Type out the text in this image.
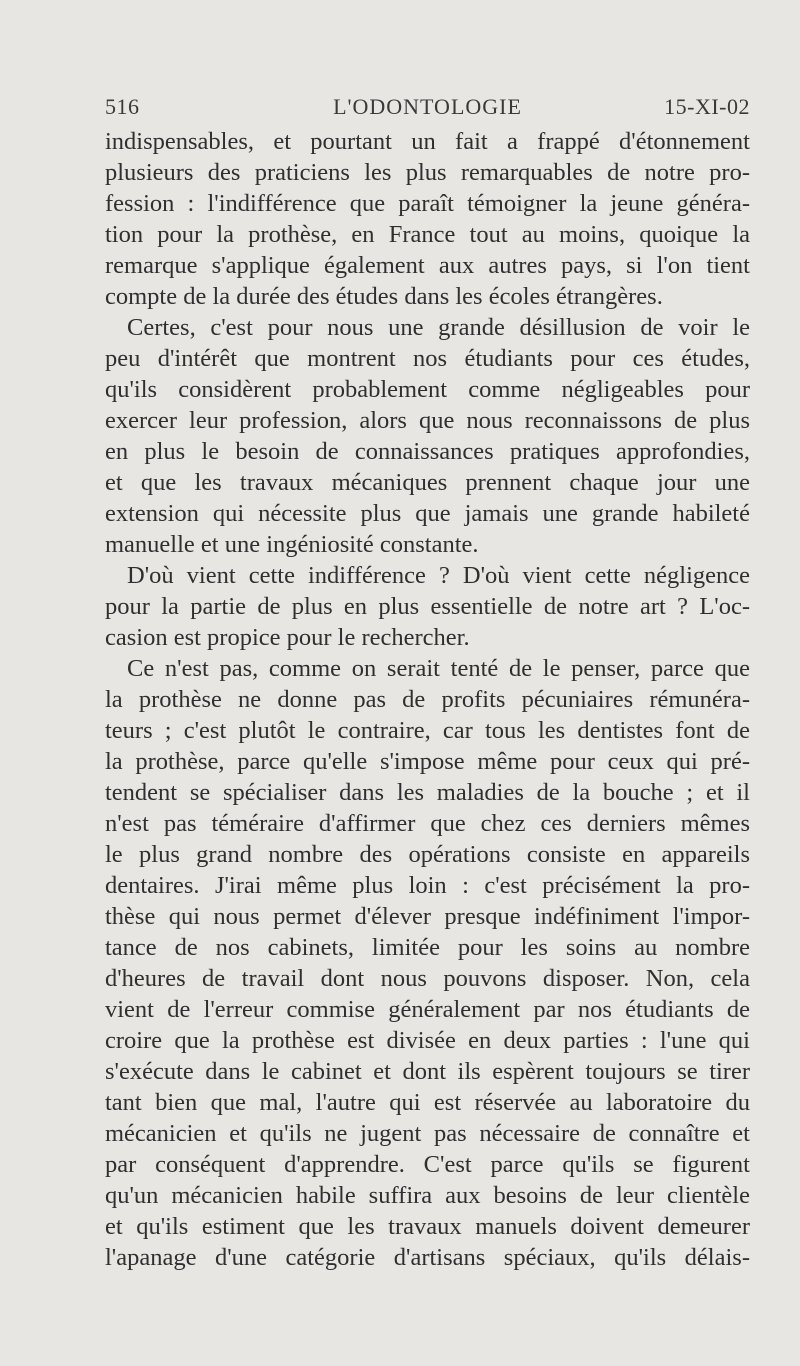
516	L'ODONTOLOGIE	15-XI-02
indispensables, et pourtant un fait a frappé d'étonnement
plusieurs des praticiens les plus remarquables de notre pro-
fession : l'indifférence que paraît témoigner la jeune généra-
tion pour la prothèse, en France tout au moins, quoique la
remarque s'applique également aux autres pays, si l'on tient
compte de la durée des études dans les écoles étrangères.
Certes, c'est pour nous une grande désillusion de voir le
peu d'intérêt que montrent nos étudiants pour ces études,
qu'ils considèrent probablement comme négligeables pour
exercer leur profession, alors que nous reconnaissons de plus
en plus le besoin de connaissances pratiques approfondies,
et que les travaux mécaniques prennent chaque jour une
extension qui nécessite plus que jamais une grande habileté
manuelle et une ingéniosité constante.
D'où vient cette indifférence ? D'où vient cette négligence
pour la partie de plus en plus essentielle de notre art ? L'oc-
casion est propice pour le rechercher.
Ce n'est pas, comme on serait tenté de le penser, parce que
la prothèse ne donne pas de profits pécuniaires rémunéra-
teurs ; c'est plutôt le contraire, car tous les dentistes font de
la prothèse, parce qu'elle s'impose même pour ceux qui pré-
tendent se spécialiser dans les maladies de la bouche ; et il
n'est pas téméraire d'affirmer que chez ces derniers mêmes
le plus grand nombre des opérations consiste en appareils
dentaires. J'irai même plus loin : c'est précisément la pro-
thèse qui nous permet d'élever presque indéfiniment l'impor-
tance de nos cabinets, limitée pour les soins au nombre
d'heures de travail dont nous pouvons disposer. Non, cela
vient de l'erreur commise généralement par nos étudiants de
croire que la prothèse est divisée en deux parties : l'une qui
s'exécute dans le cabinet et dont ils espèrent toujours se tirer
tant bien que mal, l'autre qui est réservée au laboratoire du
mécanicien et qu'ils ne jugent pas nécessaire de connaître et
par conséquent d'apprendre. C'est parce qu'ils se figurent
qu'un mécanicien habile suffira aux besoins de leur clientèle
et qu'ils estiment que les travaux manuels doivent demeurer
l'apanage d'une catégorie d'artisans spéciaux, qu'ils délais-
